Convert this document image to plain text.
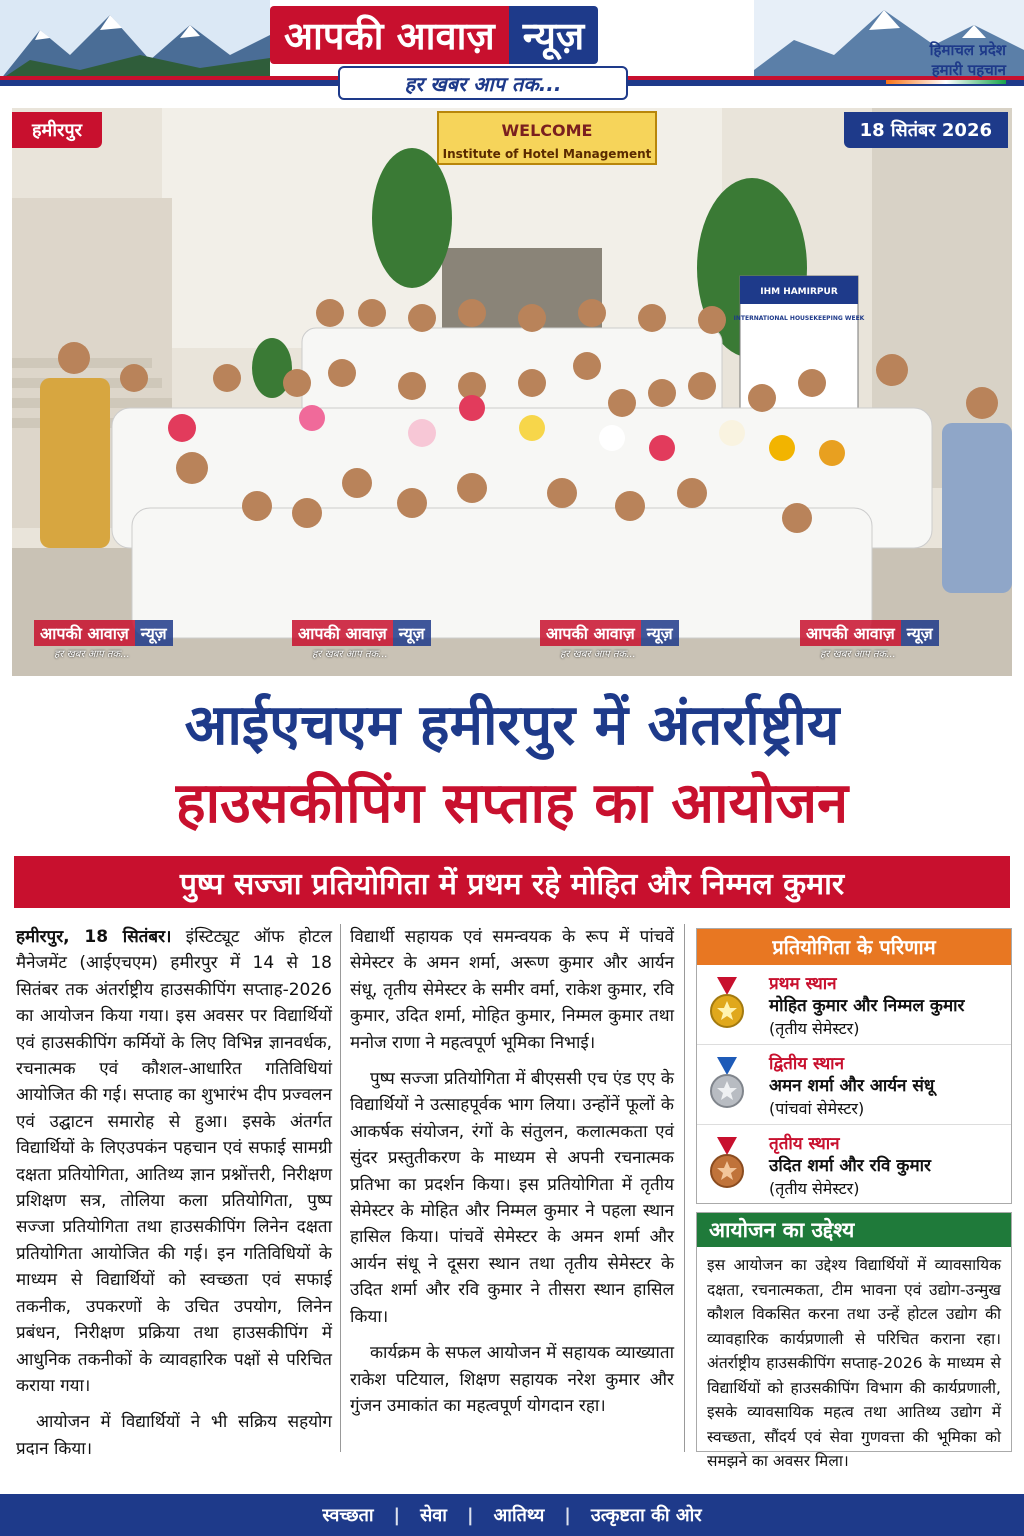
आपकी आवाज़ न्यूज़
हर खबर आप तक...
हिमाचल प्रदेश
हमारी पहचान
WELCOME
Institute of Hotel Management
IHM HAMIRPUR
INTERNATIONAL HOUSEKEEPING WEEK
हमीरपुर	18 सितंबर 2026
आपकी आवाज़ न्यूज़
हर खबर आप तक...
आपकी आवाज़ न्यूज़
हर खबर आप तक...
आपकी आवाज़ न्यूज़
हर खबर आप तक...
आपकी आवाज़ न्यूज़
हर खबर आप तक...
आईएचएम हमीरपुर में अंतर्राष्ट्रीय
हाउसकीपिंग सप्ताह का आयोजन
पुष्प सज्जा प्रतियोगिता में प्रथम रहे मोहित और निम्मल कुमार

हमीरपुर, 18 सितंबर। इंस्टिट्यूट ऑफ होटल मैनेजमेंट (आईएचएम) हमीरपुर में 14 से 18 सितंबर तक अंतर्राष्ट्रीय हाउसकीपिंग सप्ताह-2026 का आयोजन किया गया। इस अवसर पर विद्यार्थियों एवं हाउसकीपिंग कर्मियों के लिए विभिन्न ज्ञानवर्धक, रचनात्मक एवं कौशल-आधारित गतिविधियां आयोजित की गई। सप्ताह का शुभारंभ दीप प्रज्वलन एवं उद्घाटन समारोह से हुआ। इसके अंतर्गत विद्यार्थियों के लिएउपकंन पहचान एवं सफाई सामग्री दक्षता प्रतियोगिता, आतिथ्य ज्ञान प्रश्नोंत्तरी, निरीक्षण प्रशिक्षण सत्र, तोलिया कला प्रतियोगिता, पुष्प सज्जा प्रतियोगिता तथा हाउसकीपिंग लिनेन दक्षता प्रतियोगिता आयोजित की गई। इन गतिविधियों के माध्यम से विद्यार्थियों को स्वच्छता एवं सफाई तकनीक, उपकरणों के उचित उपयोग, लिनेन प्रबंधन, निरीक्षण प्रक्रिया तथा हाउसकीपिंग में आधुनिक तकनीकों के व्यावहारिक पक्षों से परिचित कराया गया।

आयोजन में विद्यार्थियों ने भी सक्रिय सहयोग प्रदान किया।

विद्यार्थी सहायक एवं समन्वयक के रूप में पांचवें सेमेस्टर के अमन शर्मा, अरूण कुमार और आर्यन संधू, तृतीय सेमेस्टर के समीर वर्मा, राकेश कुमार, रवि कुमार, उदित शर्मा, मोहित कुमार, निम्मल कुमार तथा मनोज राणा ने महत्वपूर्ण भूमिका निभाई।

पुष्प सज्जा प्रतियोगिता में बीएससी एच एंड एए के विद्यार्थियों ने उत्साहपूर्वक भाग लिया। उन्होंनें फूलों के आकर्षक संयोजन, रंगों के संतुलन, कलात्मकता एवं सुंदर प्रस्तुतीकरण के माध्यम से अपनी रचनात्मक प्रतिभा का प्रदर्शन किया। इस प्रतियोगिता में तृतीय सेमेस्टर के मोहित और निम्मल कुमार ने पहला स्थान हासिल किया। पांचवें सेमेस्टर के अमन शर्मा और आर्यन संधू ने दूसरा स्थान तथा तृतीय सेमेस्टर के उदित शर्मा और रवि कुमार ने तीसरा स्थान हासिल किया।

कार्यक्रम के सफल आयोजन में सहायक व्याख्याता राकेश पटियाल, शिक्षण सहायक नरेश कुमार और गुंजन उमाकांत का महत्वपूर्ण योगदान रहा।

प्रतियोगिता के परिणाम
प्रथम स्थान
मोहित कुमार और निम्मल कुमार
(तृतीय सेमेस्टर)
द्वितीय स्थान
अमन शर्मा और आर्यन संधू
(पांचवां सेमेस्टर)
तृतीय स्थान
उदित शर्मा और रवि कुमार
(तृतीय सेमेस्टर)
आयोजन का उद्देश्य
इस आयोजन का उद्देश्य विद्यार्थियों में व्यावसायिक दक्षता, रचनात्मकता, टीम भावना एवं उद्योग-उन्मुख कौशल विकसित करना तथा उन्हें होटल उद्योग की व्यावहारिक कार्यप्रणाली से परिचित कराना रहा। अंतर्राष्ट्रीय हाउसकीपिंग सप्ताह-2026 के माध्यम से विद्यार्थियों को हाउसकीपिंग विभाग की कार्यप्रणाली, इसके व्यावसायिक महत्व तथा आतिथ्य उद्योग में स्वच्छता, सौंदर्य एवं सेवा गुणवत्ता की भूमिका को समझने का अवसर मिला।
स्वच्छता | सेवा | आतिथ्य | उत्कृष्टता की ओर
